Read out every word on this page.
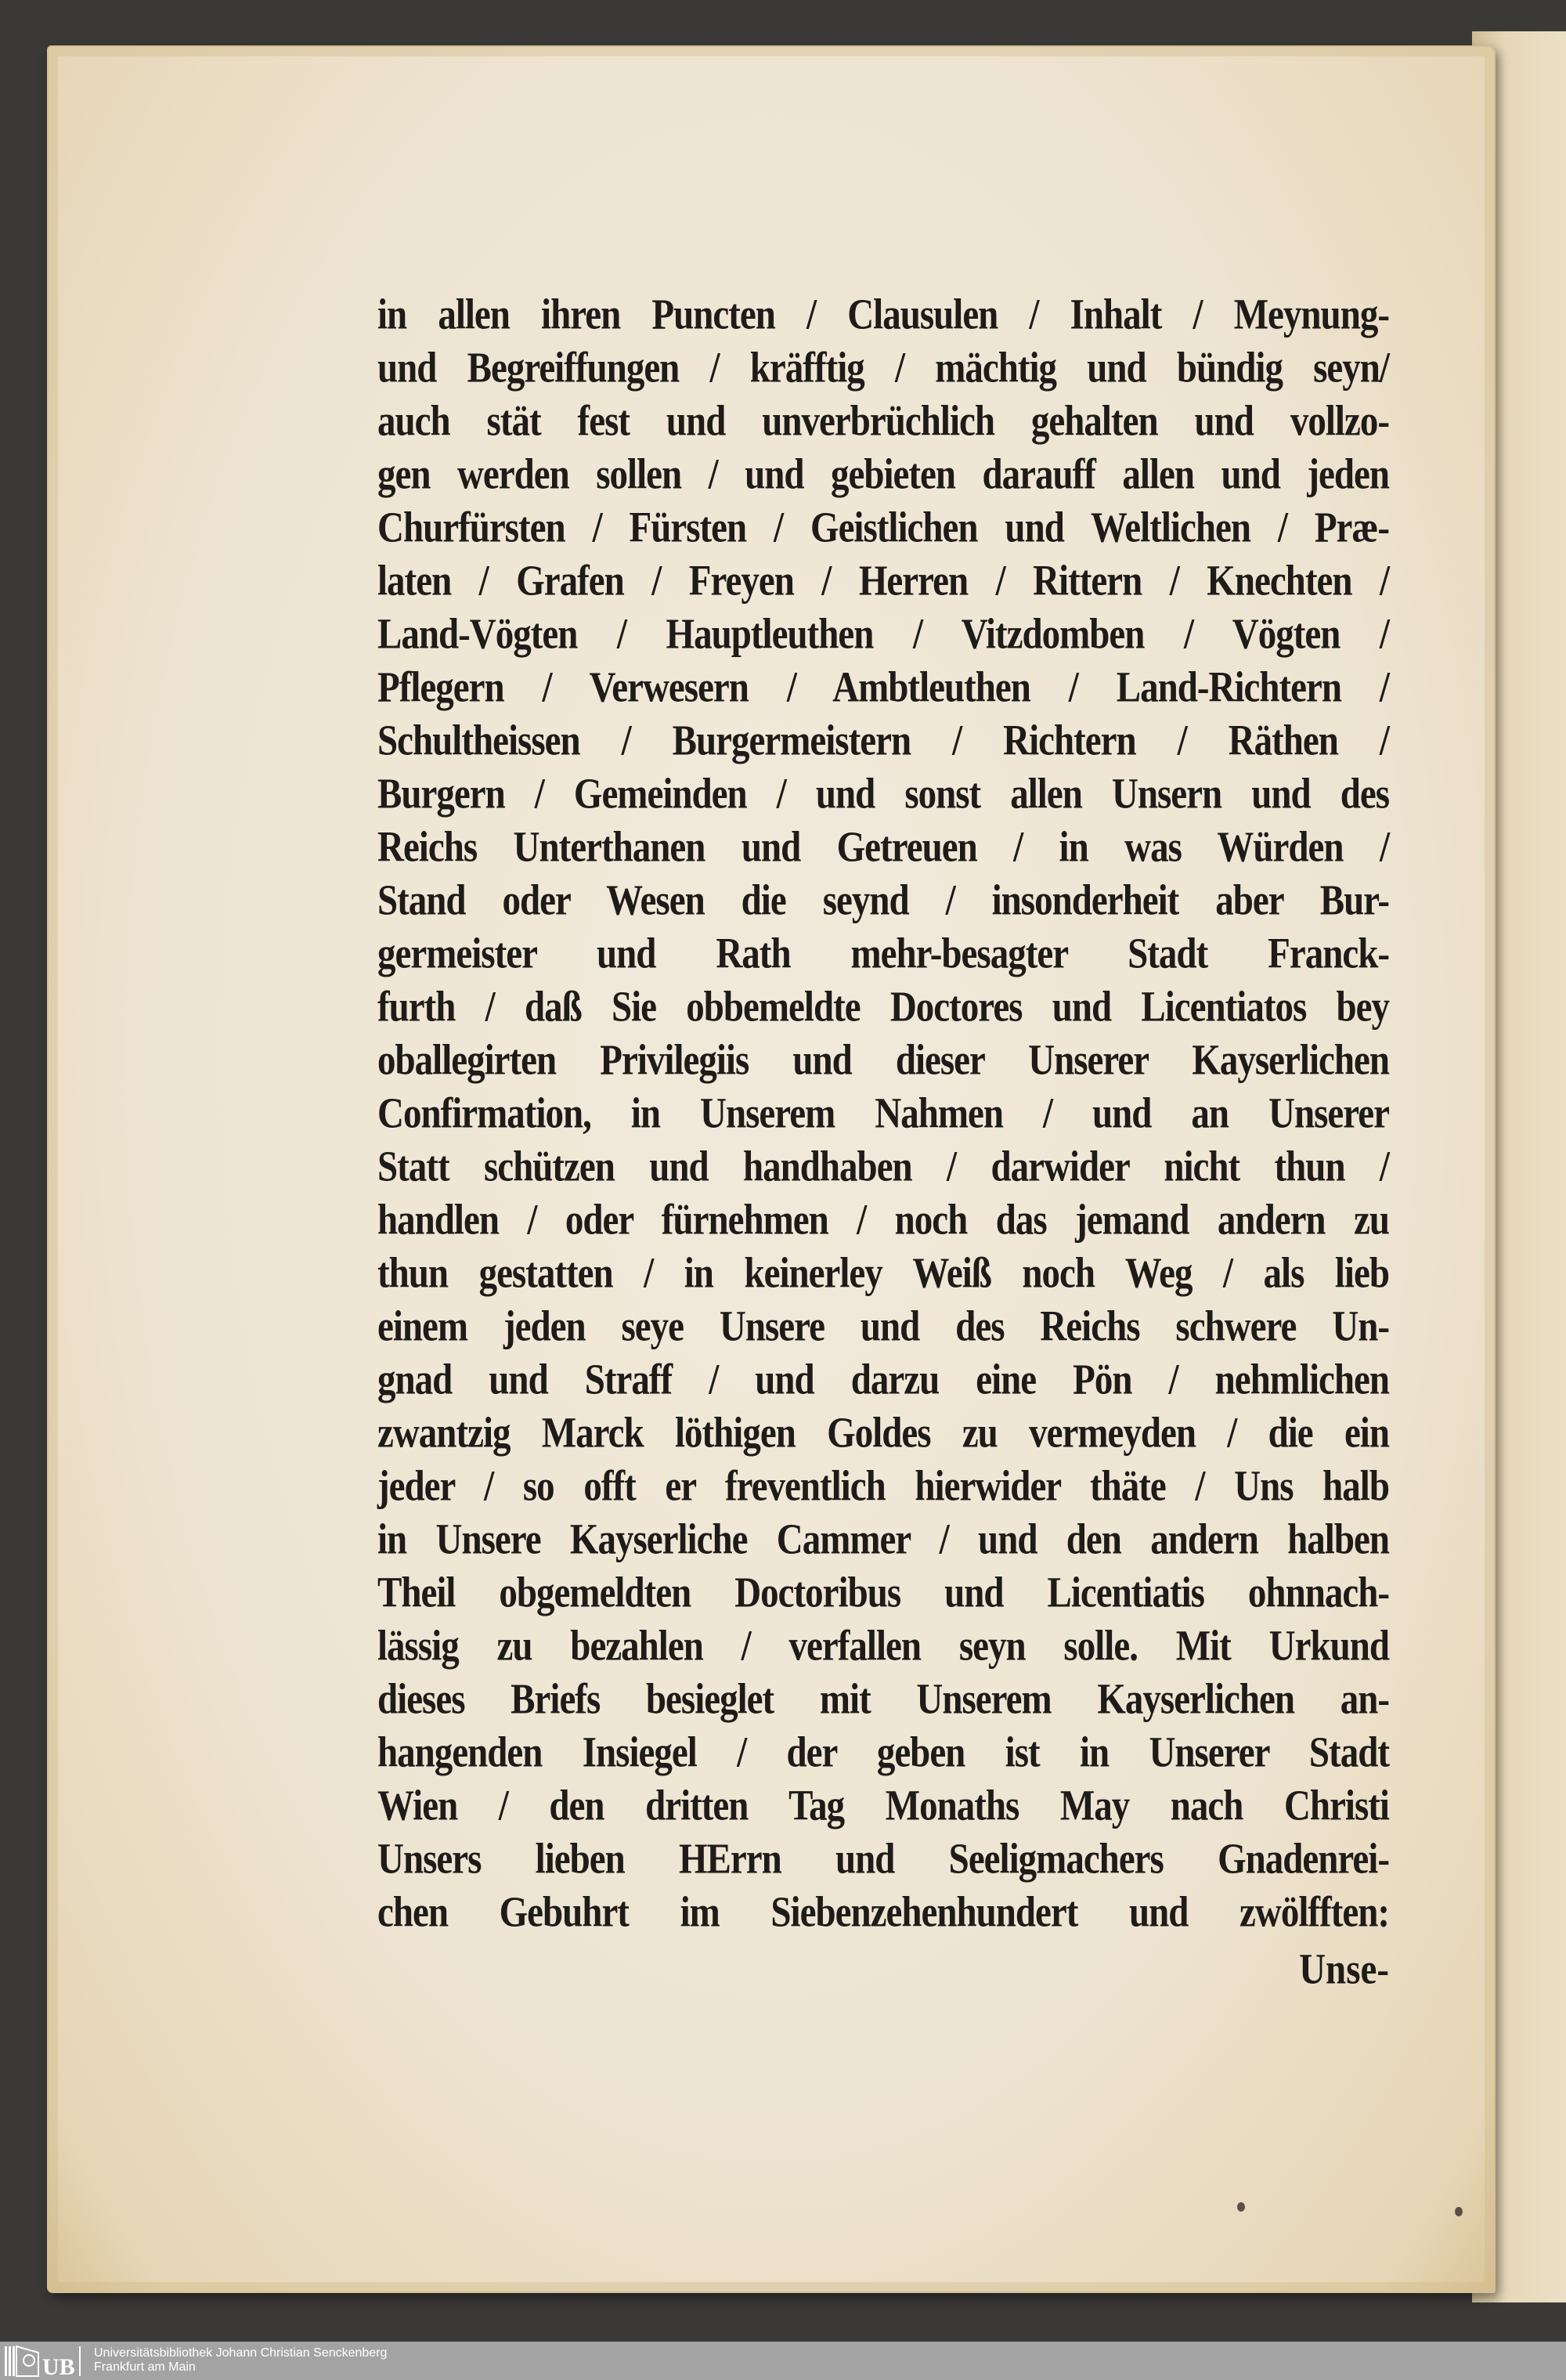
in allen ihren Puncten / Clausulen / Inhalt / Meynung-
und Begreiffungen / kräfftig / mächtig und bündig seyn/
auch stät fest und unverbrüchlich gehalten und vollzo-
gen werden sollen / und gebieten darauff allen und jeden
Churfürsten / Fürsten / Geistlichen und Weltlichen / Præ-
laten / Grafen / Freyen / Herren / Rittern / Knechten /
Land-Vögten / Hauptleuthen / Vitzdomben / Vögten /
Pflegern / Verwesern / Ambtleuthen / Land-Richtern /
Schultheissen / Burgermeistern / Richtern / Räthen /
Burgern / Gemeinden / und sonst allen Unsern und des
Reichs Unterthanen und Getreuen / in was Würden /
Stand oder Wesen die seynd / insonderheit aber Bur-
germeister und Rath mehr-besagter Stadt Franck-
furth / daß Sie obbemeldte Doctores und Licentiatos bey
oballegirten Privilegiis und dieser Unserer Kayserlichen
Confirmation, in Unserem Nahmen / und an Unserer
Statt schützen und handhaben / darwider nicht thun /
handlen / oder fürnehmen / noch das jemand andern zu
thun gestatten / in keinerley Weiß noch Weg / als lieb
einem jeden seye Unsere und des Reichs schwere Un-
gnad und Straff / und darzu eine Pön / nehmlichen
zwantzig Marck löthigen Goldes zu vermeyden / die ein
jeder / so offt er freventlich hierwider thäte / Uns halb
in Unsere Kayserliche Cammer / und den andern halben
Theil obgemeldten Doctoribus und Licentiatis ohnnach-
lässig zu bezahlen / verfallen seyn solle. Mit Urkund
dieses Briefs besieglet mit Unserem Kayserlichen an-
hangenden Insiegel / der geben ist in Unserer Stadt
Wien / den dritten Tag Monaths May nach Christi
Unsers lieben HErrn und Seeligmachers Gnadenrei-
chen Gebuhrt im Siebenzehenhundert und zwölfften:
Unse-
UB
Universitätsbibliothek Johann Christian Senckenberg
Frankfurt am Main
